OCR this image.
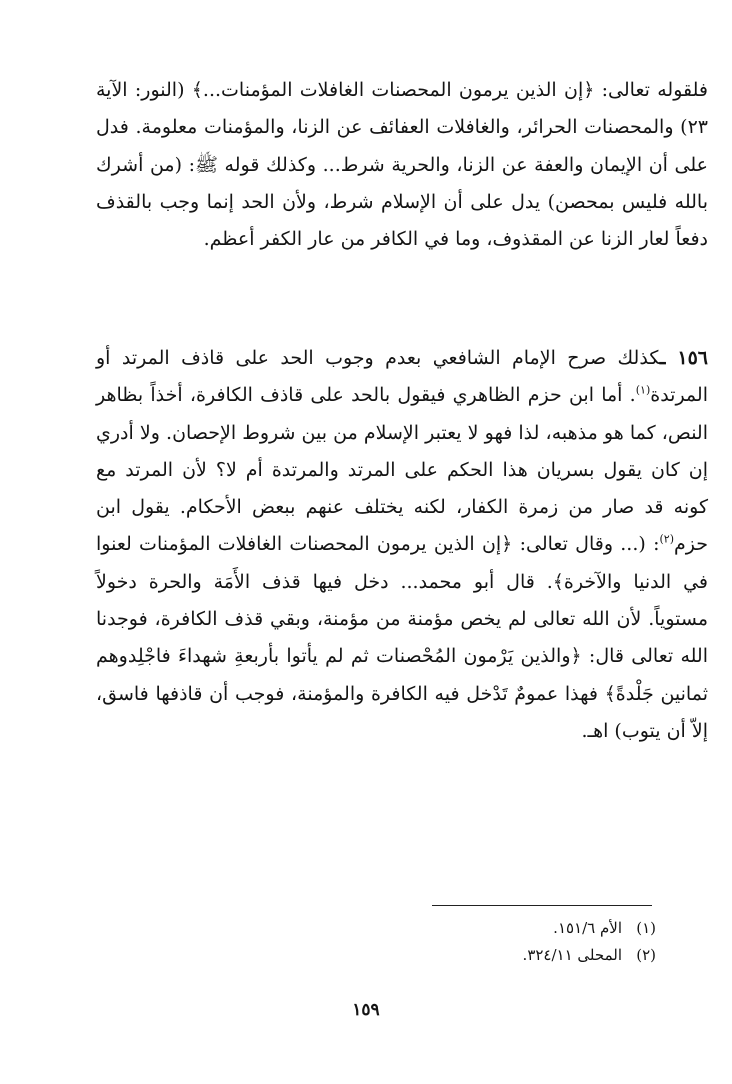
فلقوله تعالى: ﴿إن الذين يرمون المحصنات الغافلات المؤمنات...﴾ (النور: الآية ٢٣) والمحصنات الحرائر، والغافلات العفائف عن الزنا، والمؤمنات معلومة. فدل على أن الإيمان والعفة عن الزنا، والحرية شرط... وكذلك قوله ﷺ: (من أشرك بالله فليس بمحصن) يدل على أن الإسلام شرط، ولأن الحد إنما وجب بالقذف دفعاً لعار الزنا عن المقذوف، وما في الكافر من عار الكفر أعظم.

١٥٦ ـكذلك صرح الإمام الشافعي بعدم وجوب الحد على قاذف المرتد أو المرتدة$^{(١)}$. أما ابن حزم الظاهري فيقول بالحد على قاذف الكافرة، أخذاً بظاهر النص، كما هو مذهبه، لذا فهو لا يعتبر الإسلام من بين شروط الإحصان. ولا أدري إن كان يقول بسريان هذا الحكم على المرتد والمرتدة أم لا؟ لأن المرتد مع كونه قد صار من زمرة الكفار، لكنه يختلف عنهم ببعض الأحكام. يقول ابن حزم$^{(٢)}$: (... وقال تعالى: ﴿إن الذين يرمون المحصنات الغافلات المؤمنات لعنوا في الدنيا والآخرة﴾. قال أبو محمد... دخل فيها قذف الأَمَة والحرة دخولاً مستوياً. لأن الله تعالى لم يخص مؤمنة من مؤمنة، وبقي قذف الكافرة، فوجدنا الله تعالى قال: ﴿والذين يَرْمون المُحْصنات ثم لم يأتوا بأربعةِ شهداءَ فاجْلِدوهم ثمانين جَلْدةً﴾ فهذا عمومٌ تَدْخل فيه الكافرة والمؤمنة، فوجب أن قاذفها فاسق، إلاّ أن يتوب) اهـ.

(١)الأم ١٥١/٦.
(٢)المحلى ٣٢٤/١١.
١٥٩
